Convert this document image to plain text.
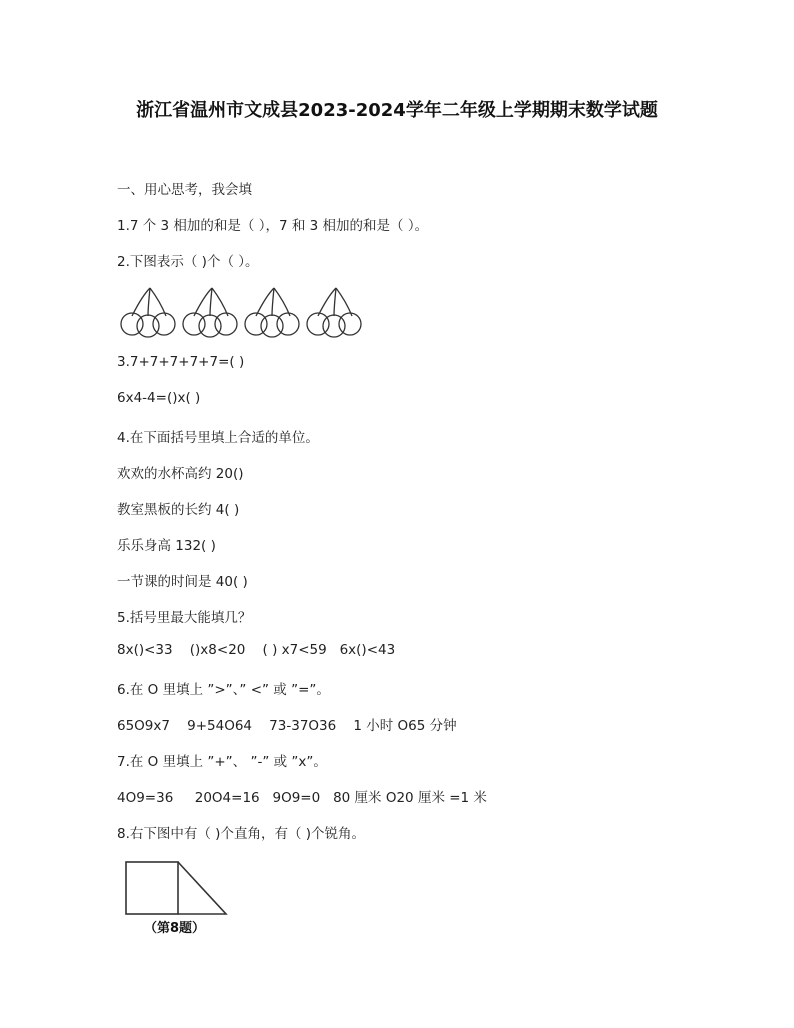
浙江省温州市文成县2023-2024学年二年级上学期期末数学试题
一、用心思考，我会填
1.7 个 3 相加的和是（ ），7 和 3 相加的和是（ ）。
2.下图表示（ )个（ ）。
3.7+7+7+7+7=( )
6x4-4=()x( )
4.在下面括号里填上合适的单位。
欢欢的水杯高约 20()
教室黑板的长约 4( )
乐乐身高 132( )
一节课的时间是 40( )
5.括号里最大能填几？
8x()<33    ()x8<20    ( ) x7<59   6x()<43
6.在 O 里填上 ”>”、” <” 或 ”=”。
65O9x7    9+54O64    73-37O36    1 小时 O65 分钟
7.在 O 里填上 ”+”、 ”-” 或 ”x”。
4O9=36     20O4=16   9O9=0   80 厘米 O20 厘米 =1 米
8.右下图中有（ )个直角，有（ )个锐角。
（第8题）
